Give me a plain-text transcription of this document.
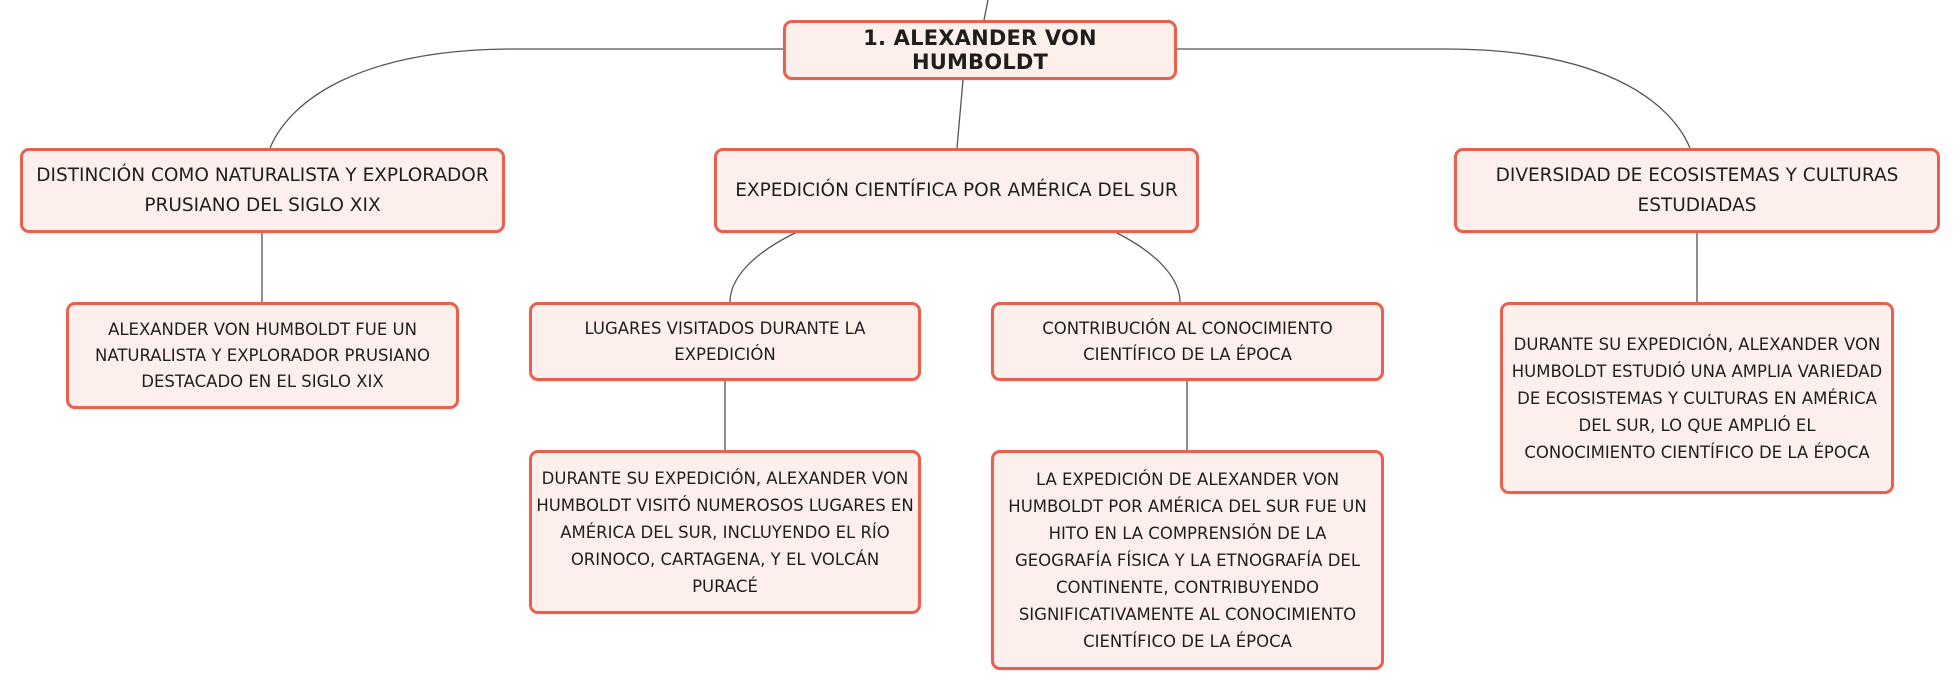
1. ALEXANDER VON HUMBOLDT
DISTINCIÓN COMO NATURALISTA Y EXPLORADOR PRUSIANO DEL SIGLO XIX
EXPEDICIÓN CIENTÍFICA POR AMÉRICA DEL SUR
DIVERSIDAD DE ECOSISTEMAS Y CULTURAS ESTUDIADAS
ALEXANDER VON HUMBOLDT FUE UN NATURALISTA Y EXPLORADOR PRUSIANO DESTACADO EN EL SIGLO XIX
LUGARES VISITADOS DURANTE LA EXPEDICIÓN
CONTRIBUCIÓN AL CONOCIMIENTO CIENTÍFICO DE LA ÉPOCA
DURANTE SU EXPEDICIÓN, ALEXANDER VON HUMBOLDT VISITÓ NUMEROSOS LUGARES EN AMÉRICA DEL SUR, INCLUYENDO EL RÍO ORINOCO, CARTAGENA, Y EL VOLCÁN PURACÉ
LA EXPEDICIÓN DE ALEXANDER VON HUMBOLDT POR AMÉRICA DEL SUR FUE UN HITO EN LA COMPRENSIÓN DE LA GEOGRAFÍA FÍSICA Y LA ETNOGRAFÍA DEL CONTINENTE, CONTRIBUYENDO SIGNIFICATIVAMENTE AL CONOCIMIENTO CIENTÍFICO DE LA ÉPOCA
DURANTE SU EXPEDICIÓN, ALEXANDER VON HUMBOLDT ESTUDIÓ UNA AMPLIA VARIEDAD DE ECOSISTEMAS Y CULTURAS EN AMÉRICA DEL SUR, LO QUE AMPLIÓ EL CONOCIMIENTO CIENTÍFICO DE LA ÉPOCA
